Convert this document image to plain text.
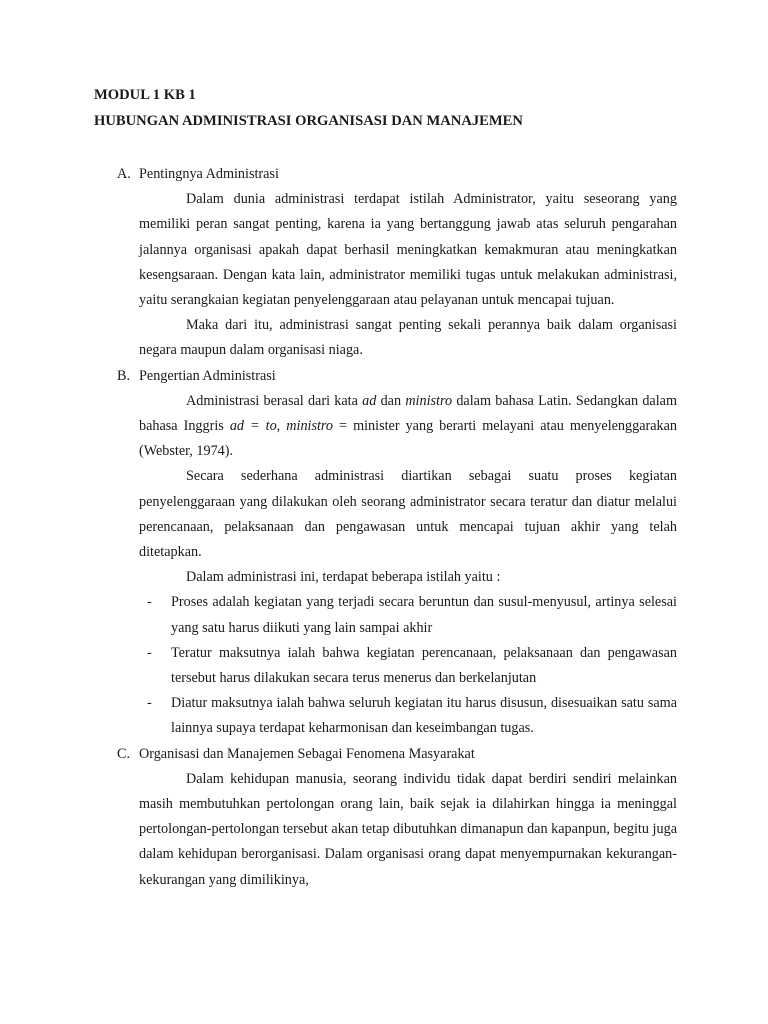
MODUL 1 KB 1
HUBUNGAN ADMINISTRASI ORGANISASI DAN MANAJEMEN
A. Pentingnya Administrasi

Dalam dunia administrasi terdapat istilah Administrator, yaitu seseorang yang memiliki peran sangat penting, karena ia yang bertanggung jawab atas seluruh pengarahan jalannya organisasi apakah dapat berhasil meningkatkan kemakmuran atau meningkatkan kesengsaraan. Dengan kata lain, administrator memiliki tugas untuk melakukan administrasi, yaitu serangkaian kegiatan penyelenggaraan atau pelayanan untuk mencapai tujuan.

Maka dari itu, administrasi sangat penting sekali perannya baik dalam organisasi negara maupun dalam organisasi niaga.

B. Pengertian Administrasi

Administrasi berasal dari kata ad dan ministro dalam bahasa Latin. Sedangkan dalam bahasa Inggris ad = to, ministro = minister yang berarti melayani atau menyelenggarakan (Webster, 1974).

Secara sederhana administrasi diartikan sebagai suatu proses kegiatan penyelenggaraan yang dilakukan oleh seorang administrator secara teratur dan diatur melalui perencanaan, pelaksanaan dan pengawasan untuk mencapai tujuan akhir yang telah ditetapkan.

Dalam administrasi ini, terdapat beberapa istilah yaitu :

- Proses adalah kegiatan yang terjadi secara beruntun dan susul-menyusul, artinya selesai yang satu harus diikuti yang lain sampai akhir
- Teratur maksutnya ialah bahwa kegiatan perencanaan, pelaksanaan dan pengawasan tersebut harus dilakukan secara terus menerus dan berkelanjutan
- Diatur maksutnya ialah bahwa seluruh kegiatan itu harus disusun, disesuaikan satu sama lainnya supaya terdapat keharmonisan dan keseimbangan tugas.
C. Organisasi dan Manajemen Sebagai Fenomena Masyarakat

Dalam kehidupan manusia, seorang individu tidak dapat berdiri sendiri melainkan masih membutuhkan pertolongan orang lain, baik sejak ia dilahirkan hingga ia meninggal pertolongan-pertolongan tersebut akan tetap dibutuhkan dimanapun dan kapanpun, begitu juga dalam kehidupan berorganisasi. Dalam organisasi orang dapat menyempurnakan kekurangan-kekurangan yang dimilikinya,
